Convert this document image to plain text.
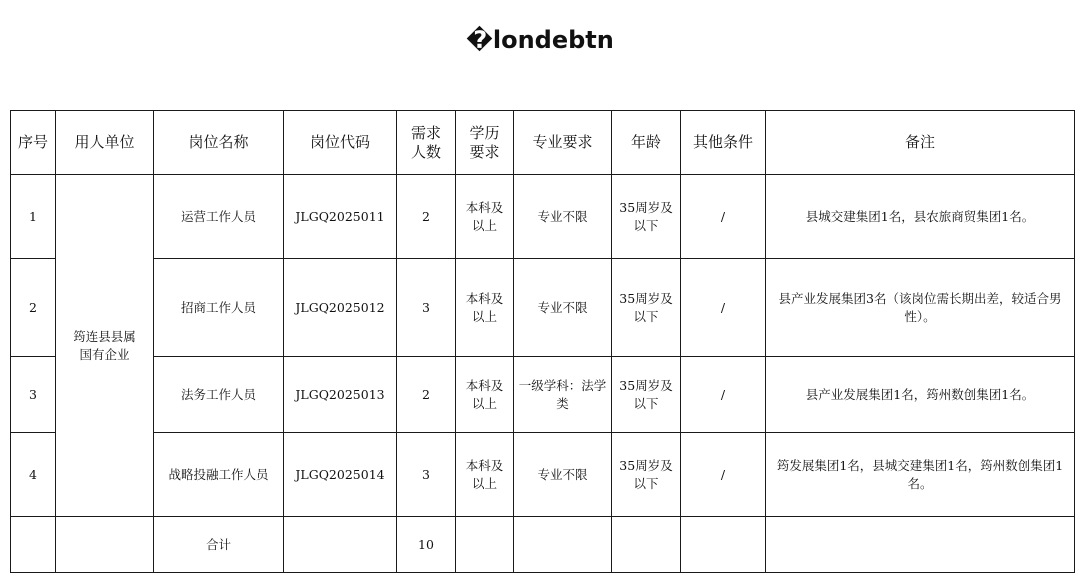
�londebtn
序号	用人单位	岗位名称	岗位代码	需求人数	学历要求	专业要求	年龄	其他条件	备注
1	筠连县县属国有企业	运营工作人员	JLGQ2025011	2	本科及以上	专业不限	35周岁及以下	/	县城交建集团1名，县农旅商贸集团1名。
2		招商工作人员	JLGQ2025012	3	本科及以上	专业不限	35周岁及以下	/	县产业发展集团3名（该岗位需长期出差，较适合男性）。
3		法务工作人员	JLGQ2025013	2	本科及以上	一级学科：法学类	35周岁及以下	/	县产业发展集团1名，筠州数创集团1名。
4		战略投融工作人员	JLGQ2025014	3	本科及以上	专业不限	35周岁及以下	/	筠发展集团1名，县城交建集团1名，筠州数创集团1名。
		合计		10					
